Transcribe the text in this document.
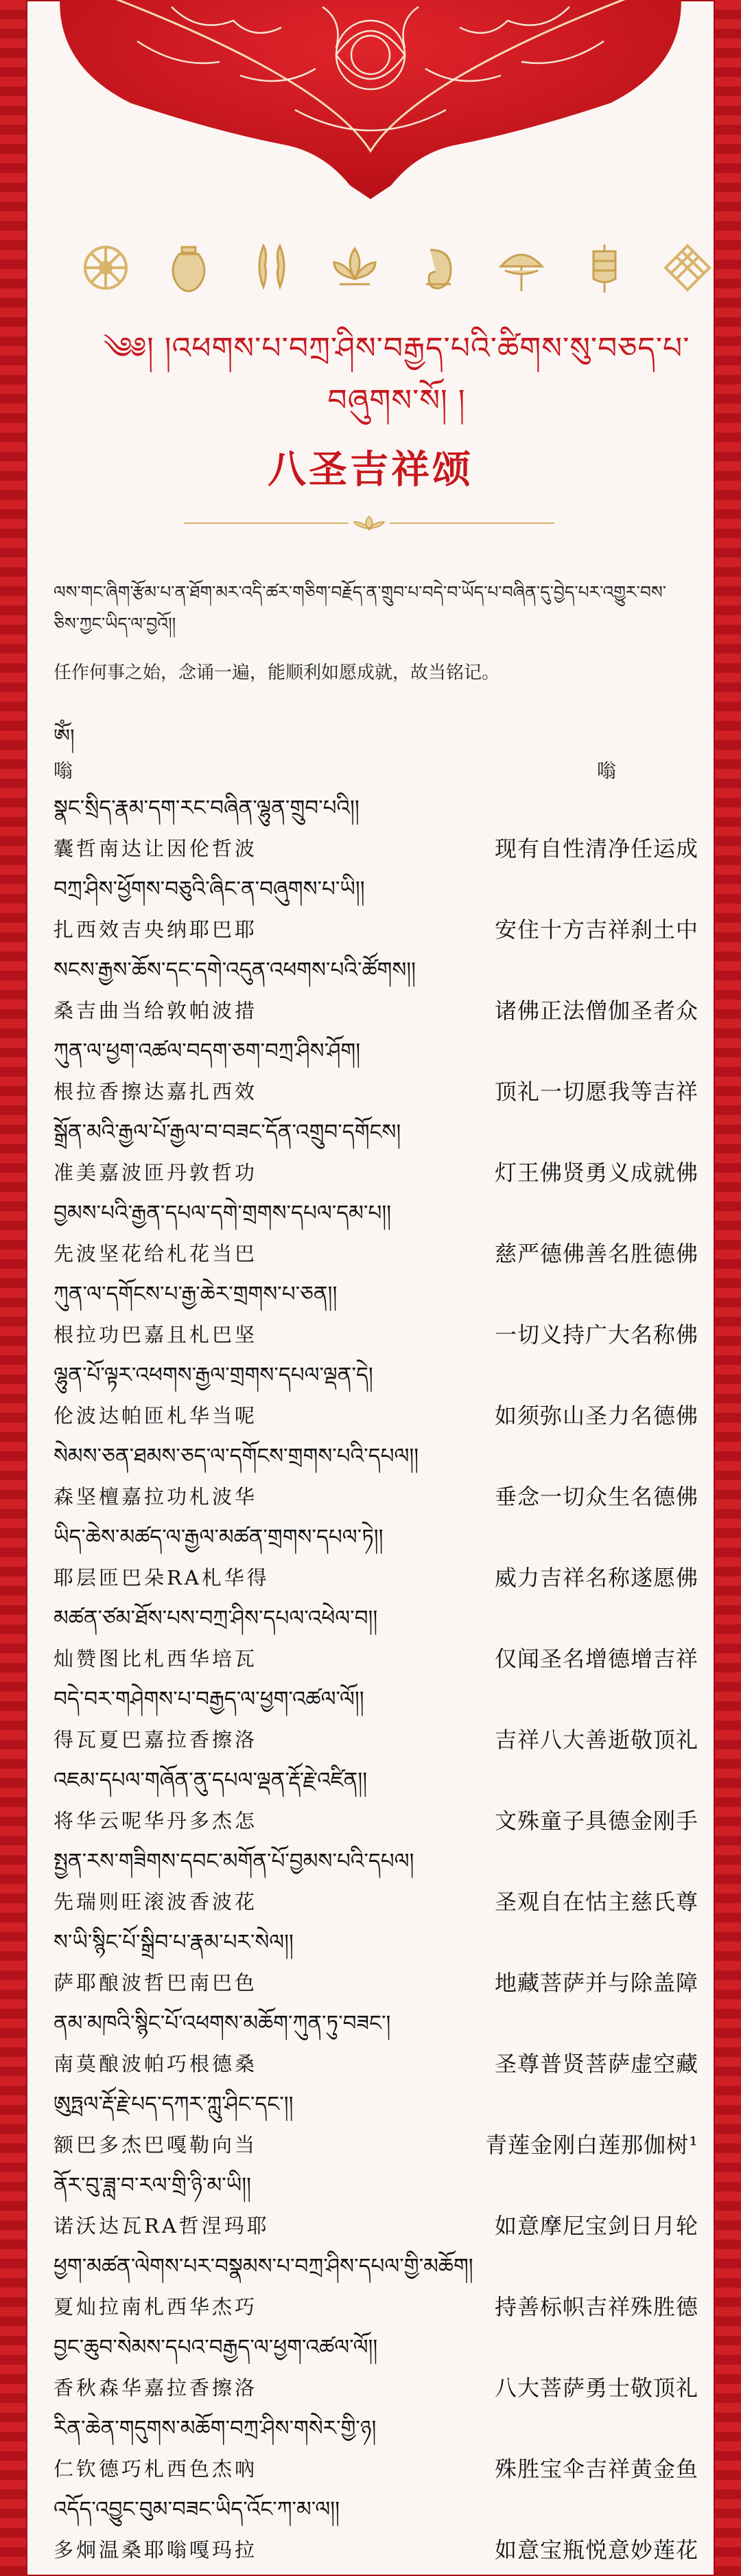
༄༅། །འཕགས་པ་བཀྲ་ཤིས་བརྒྱད་པའི་ཚིགས་སུ་བཅད་པ་བཞུགས་སོ། །
八圣吉祥颂
ལས་གང་ཞིག་རྩོམ་པ་ན་ཐོག་མར་འདི་ཚར་གཅིག་བརྗོད་ན་གྲུབ་པ་བདེ་བ་ཡོད་པ་བཞིན་དུ་བྱེད་པར་འགྱུར་བས་ཅིས་ཀྱང་ཡིད་ལ་བྱའོ།།
任作何事之始，念诵一遍，能顺利如愿成就，故当铭记。
ཨོཾ།
嗡	嗡
སྣང་སྲིད་རྣམ་དག་རང་བཞིན་ལྷུན་གྲུབ་པའི།།
囊哲南达让因伦哲波	现有自性清净任运成
བཀྲ་ཤིས་ཕྱོགས་བཅུའི་ཞིང་ན་བཞུགས་པ་ཡི།།
扎西效吉央纳耶巴耶	安住十方吉祥刹土中
སངས་རྒྱས་ཆོས་དང་དགེ་འདུན་འཕགས་པའི་ཚོགས།།
桑吉曲当给敦帕波措	诸佛正法僧伽圣者众
ཀུན་ལ་ཕྱག་འཚལ་བདག་ཅག་བཀྲ་ཤིས་ཤོག།
根拉香擦达嘉扎西效	顶礼一切愿我等吉祥
སྒྲོན་མའི་རྒྱལ་པོ་རྒྱལ་བ་བཟང་དོན་འགྲུབ་དགོངས།
准美嘉波匝丹敦哲功	灯王佛贤勇义成就佛
བྱམས་པའི་རྒྱན་དཔལ་དགེ་གྲགས་དཔལ་དམ་པ།།
先波坚花给札花当巴	慈严德佛善名胜德佛
ཀུན་ལ་དགོངས་པ་རྒྱ་ཆེར་གྲགས་པ་ཅན།།
根拉功巴嘉且札巴坚	一切义持广大名称佛
ལྷུན་པོ་ལྟར་འཕགས་རྒྱལ་གྲགས་དཔལ་ལྡན་དེ།
伦波达帕匝札华当呢	如须弥山圣力名德佛
སེམས་ཅན་ཐམས་ཅད་ལ་དགོངས་གྲགས་པའི་དཔལ།།
森坚檀嘉拉功札波华	垂念一切众生名德佛
ཡིད་ཆེས་མཚད་ལ་རྒྱལ་མཚན་གྲགས་དཔལ་ཏེ།།
耶层匝巴朵RA札华得	威力吉祥名称遂愿佛
མཚན་ཙམ་ཐོས་པས་བཀྲ་ཤིས་དཔལ་འཕེལ་བ།།
灿赞图比札西华培瓦	仅闻圣名增德增吉祥
བདེ་བར་གཤེགས་པ་བརྒྱད་ལ་ཕྱག་འཚལ་ལོ།།
得瓦夏巴嘉拉香擦洛	吉祥八大善逝敬顶礼
འཇམ་དཔལ་གཞོན་ནུ་དཔལ་ལྡན་རྡོ་རྗེ་འཛིན།།
将华云呢华丹多杰怎	文殊童子具德金刚手
སྤྱན་རས་གཟིགས་དབང་མགོན་པོ་བྱམས་པའི་དཔལ།
先瑞则旺滚波香波花	圣观自在怙主慈氏尊
ས་ཡི་སྙིང་པོ་སྒྲིབ་པ་རྣམ་པར་སེལ།།
萨耶酿波哲巴南巴色	地藏菩萨并与除盖障
ནམ་མཁའི་སྙིང་པོ་འཕགས་མཆོག་ཀུན་ཏུ་བཟང་།
南莫酿波帕巧根德桑	圣尊普贤菩萨虚空藏
ཨུཏྤལ་རྡོ་རྗེ་པད་དཀར་ཀླུ་ཤིང་དང་།།
额巴多杰巴嘎勒向当	青莲金刚白莲那伽树¹
ནོར་བུ་ཟླ་བ་རལ་གྲི་ཉི་མ་ཡི།།
诺沃达瓦RA哲涅玛耶	如意摩尼宝剑日月轮
ཕྱག་མཚན་ལེགས་པར་བསྣམས་པ་བཀྲ་ཤིས་དཔལ་གྱི་མཆོག།
夏灿拉南札西华杰巧	持善标帜吉祥殊胜德
བྱང་ཆུབ་སེམས་དཔའ་བརྒྱད་ལ་ཕྱག་འཚལ་ལོ།།
香秋森华嘉拉香擦洛	八大菩萨勇士敬顶礼
རིན་ཆེན་གདུགས་མཆོག་བཀྲ་ཤིས་གསེར་གྱི་ཉ།
仁钦德巧札西色杰吶	殊胜宝伞吉祥黄金鱼
འདོད་འབྱུང་བུམ་བཟང་ཡིད་འོང་ཀ་མ་ལ།།
多炯温桑耶嗡嘎玛拉	如意宝瓶悦意妙莲花
